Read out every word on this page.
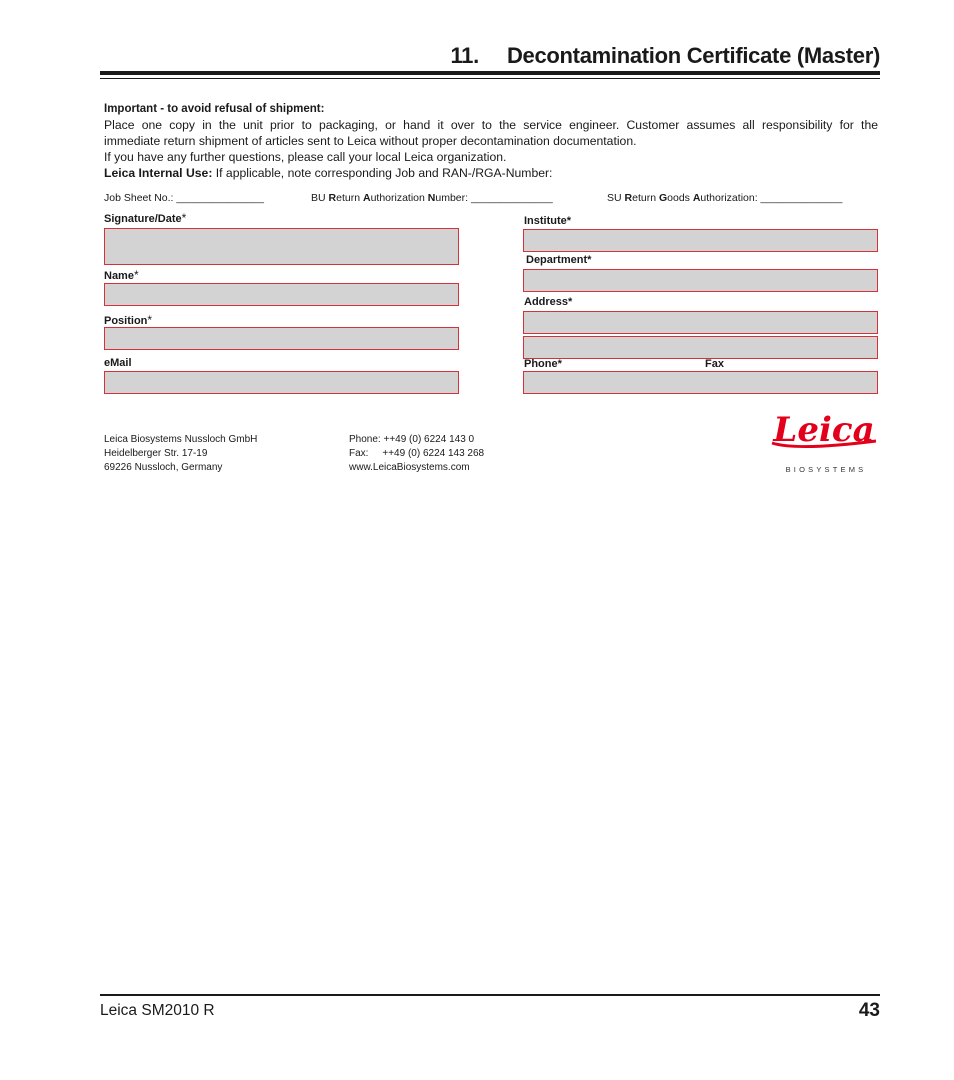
11. Decontamination Certificate (Master)
Important - to avoid refusal of shipment:
Place one copy in the unit prior to packaging, or hand it over to the service engineer. Customer assumes all responsibility for the
immediate return shipment of articles sent to Leica without proper decontamination documentation.
If you have any further questions, please call your local Leica organization.
Leica Internal Use: If applicable, note corresponding Job and RAN-/RGA-Number:
Job Sheet No.: _______________	BU Return Authorization Number: ______________	SU Return Goods Authorization: ______________
Signature/Date*
Name*
Position*
eMail
Institute*
Department*
Address*
Phone*	Fax
Leica Biosystems Nussloch GmbH
Heidelberger Str. 17-19
69226 Nussloch, Germany
Phone: ++49 (0) 6224 143 0
Fax: ++49 (0) 6224 143 268
www.LeicaBiosystems.com
Leica
BIOSYSTEMS
Leica SM2010 R	43
